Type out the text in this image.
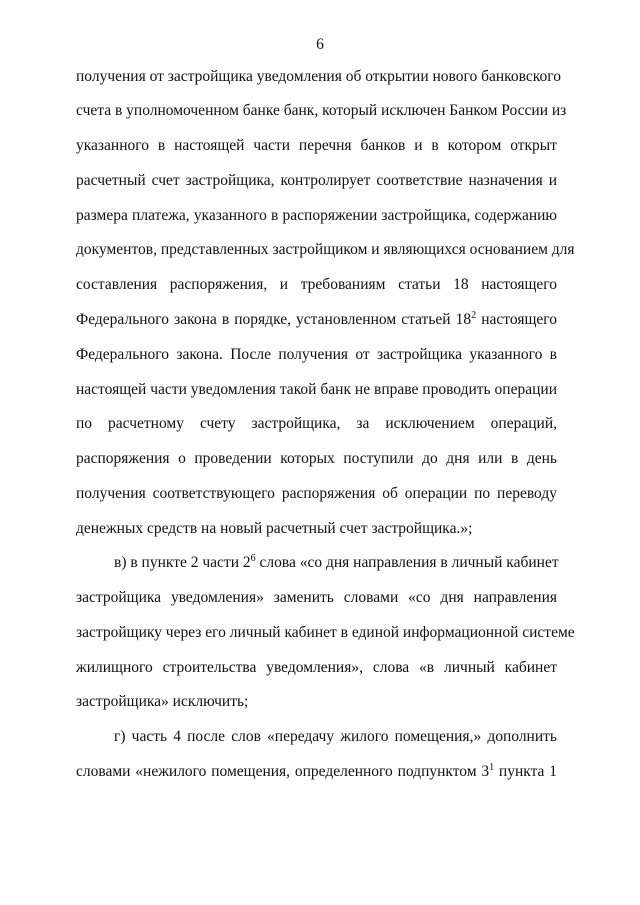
6
получения от застройщика уведомления об открытии нового банковского
счета в уполномоченном банке банк, который исключен Банком России из
указанного в настоящей части перечня банков и в котором открыт
расчетный счет застройщика, контролирует соответствие назначения и
размера платежа, указанного в распоряжении застройщика, содержанию
документов, представленных застройщиком и являющихся основанием для
составления распоряжения, и требованиям статьи 18 настоящего
Федерального закона в порядке, установленном статьей $18^2$ настоящего
Федерального закона. После получения от застройщика указанного в
настоящей части уведомления такой банк не вправе проводить операции
по расчетному счету застройщика, за исключением операций,
распоряжения о проведении которых поступили до дня или в день
получения соответствующего распоряжения об операции по переводу
денежных средств на новый расчетный счет застройщика.»;
в) в пункте 2 части $2^6$ слова «со дня направления в личный кабинет
застройщика уведомления» заменить словами «со дня направления
застройщику через его личный кабинет в единой информационной системе
жилищного строительства уведомления», слова «в личный кабинет
застройщика» исключить;
г) часть 4 после слов «передачу жилого помещения,» дополнить
словами «нежилого помещения, определенного подпунктом $3^1$ пункта 1
